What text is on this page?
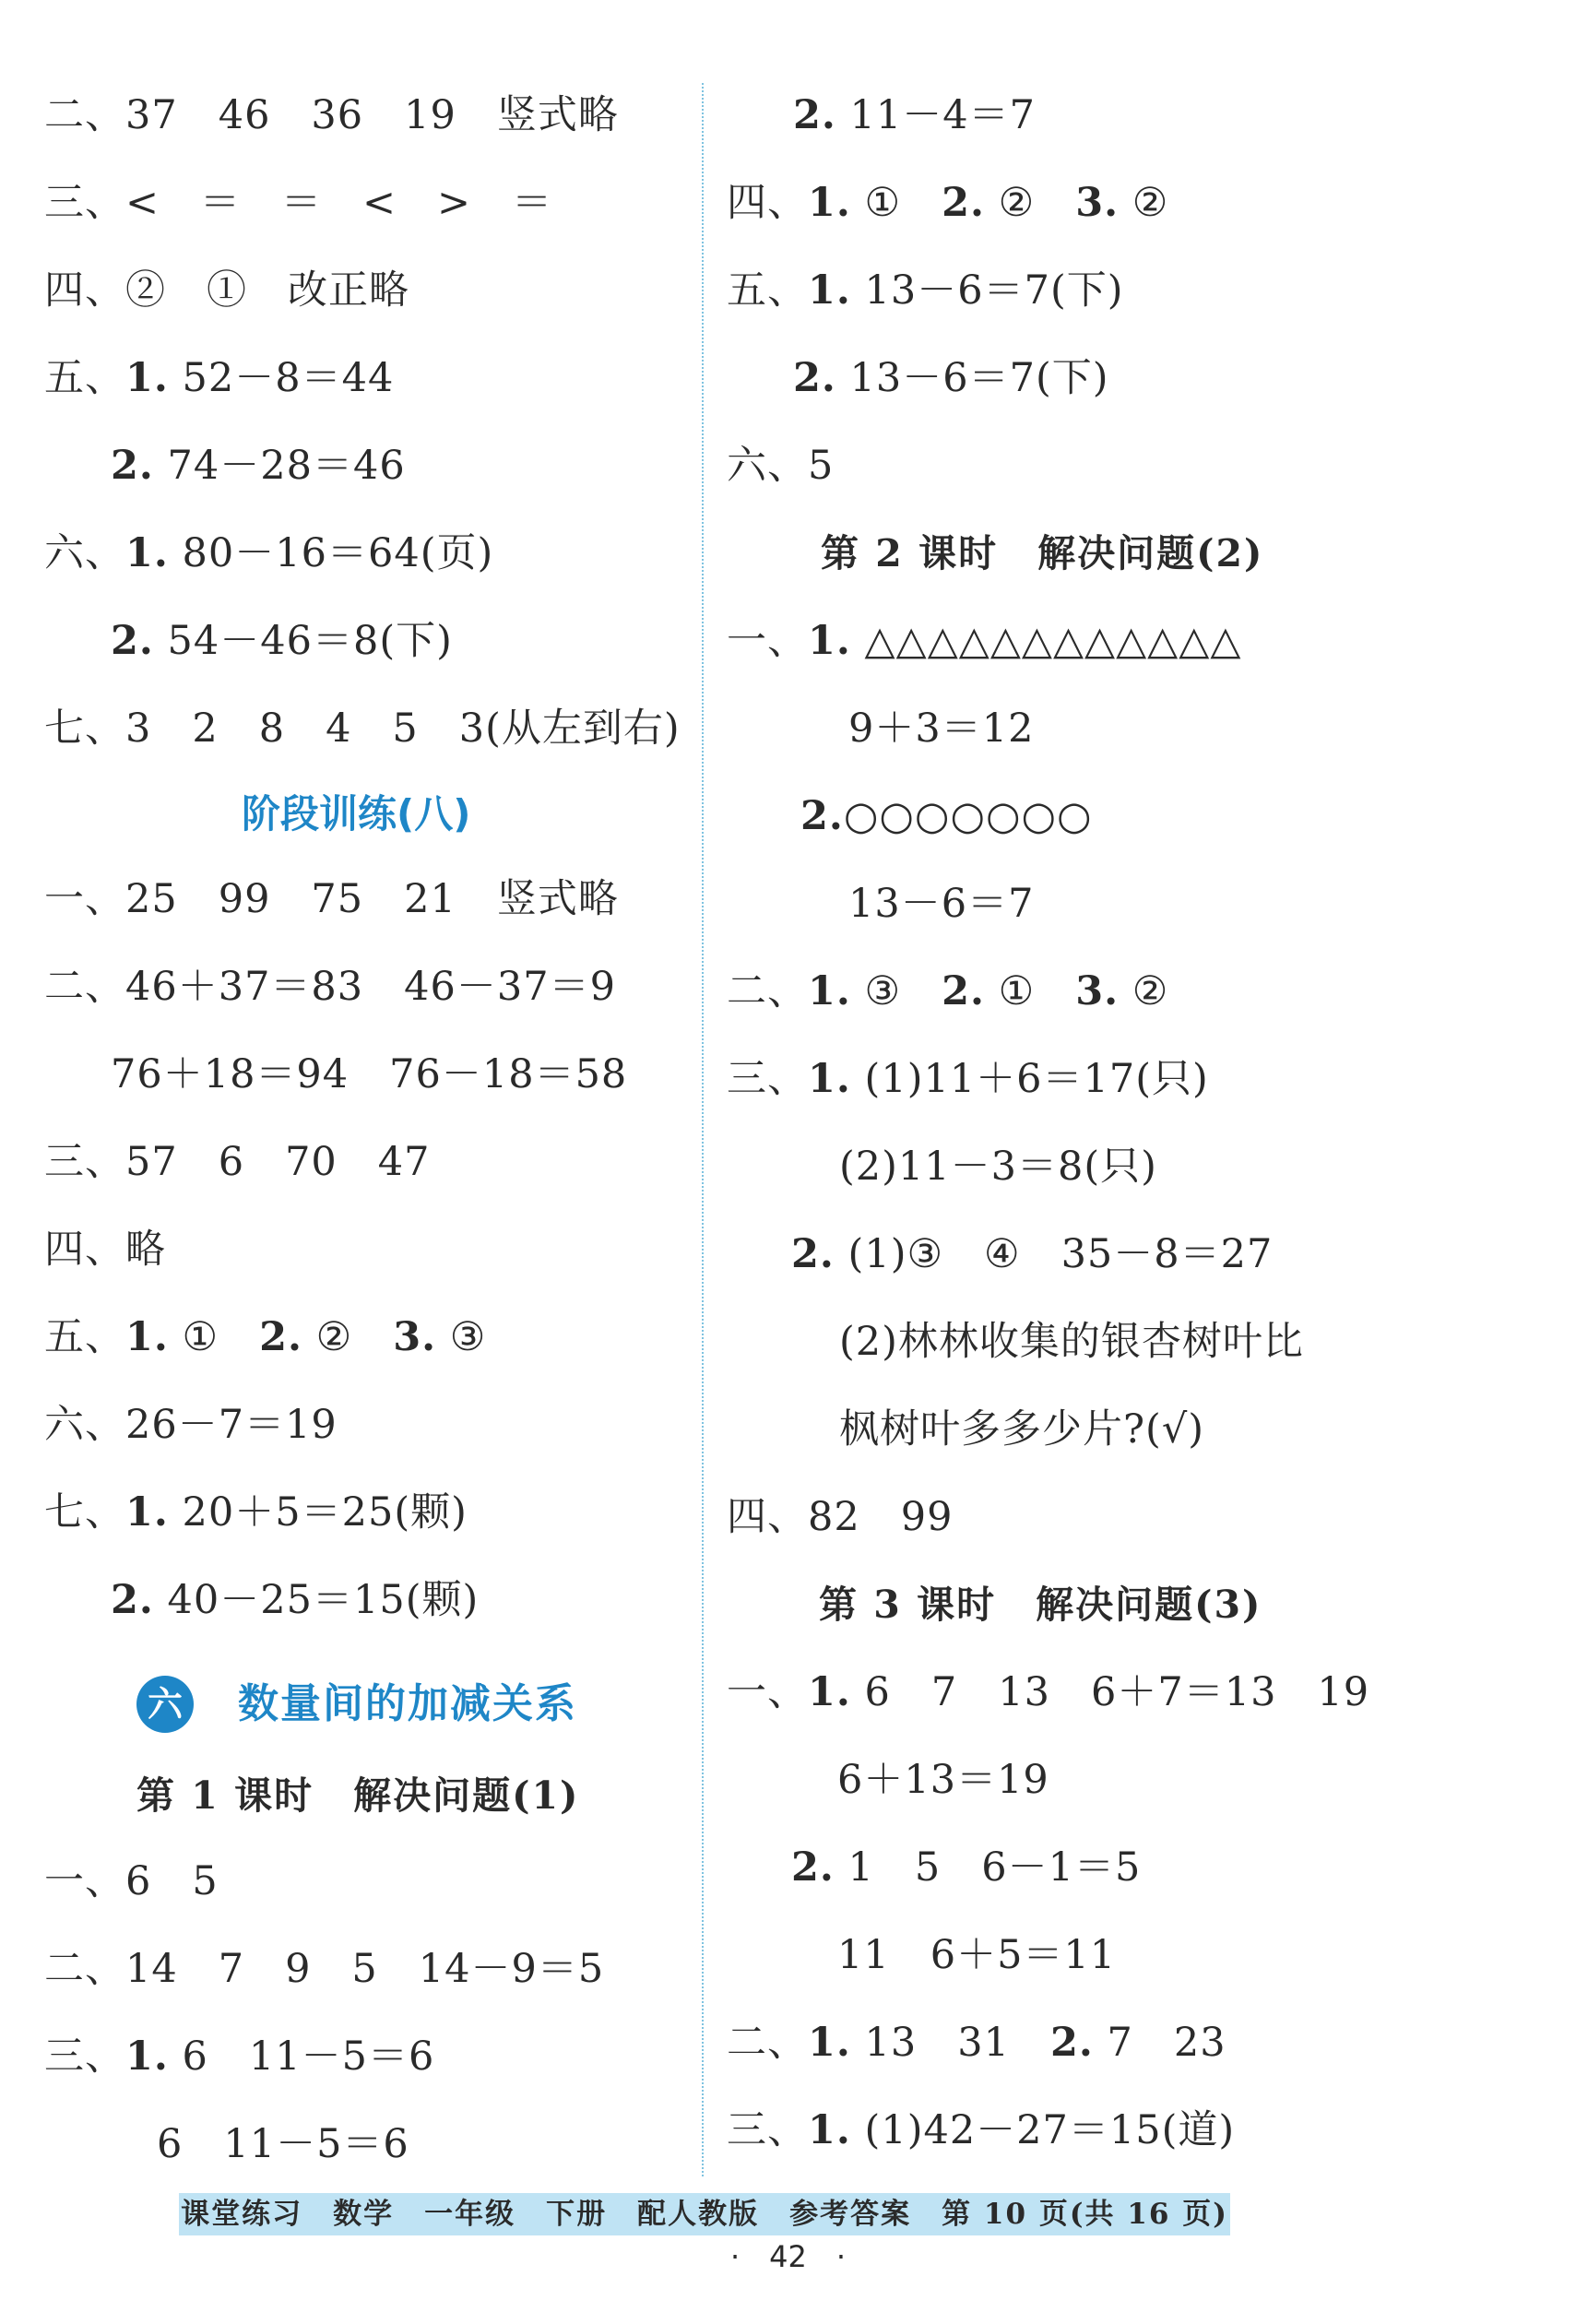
二、37　46　36　19　竖式略
三、<　＝　＝　<　>　＝
四、②　①　改正略
五、1. 52－8＝44
2. 74－28＝46
六、1. 80－16＝64(页)
2. 54－46＝8(下)
七、3　2　8　4　5　3(从左到右)
阶段训练(八)
一、25　99　75　21　竖式略
二、46＋37＝83　46－37＝9
76＋18＝94　76－18＝58
三、57　6　70　47
四、略
五、1. ①　2. ②　3. ③
六、26－7＝19
七、1. 20＋5＝25(颗)
2. 40－25＝15(颗)
六 数量间的加减关系
第 1 课时　解决问题(1)
一、6　5
二、14　7　9　5　14－9＝5
三、1. 6　11－5＝6
6　11－5＝6
2. 11－4＝7
四、1. ①　2. ②　3. ②
五、1. 13－6＝7(下)
2. 13－6＝7(下)
六、5
第 2 课时　解决问题(2)
一、1. △△△△△△△△△△△△
9＋3＝12
2.○○○○○○○
13－6＝7
二、1. ③　2. ①　3. ②
三、1. (1)11＋6＝17(只)
(2)11－3＝8(只)
2. (1)③　④　35－8＝27
(2)林林收集的银杏树叶比
枫树叶多多少片?(√)
四、82　99
第 3 课时　解决问题(3)
一、1. 6　7　13　6＋7＝13　19
6＋13＝19
2. 1　5　6－1＝5
11　6＋5＝11
二、1. 13　31　2. 7　23
三、1. (1)42－27＝15(道)
课堂练习　数学　一年级　下册　配人教版　参考答案　第 10 页(共 16 页)
·　42　·
